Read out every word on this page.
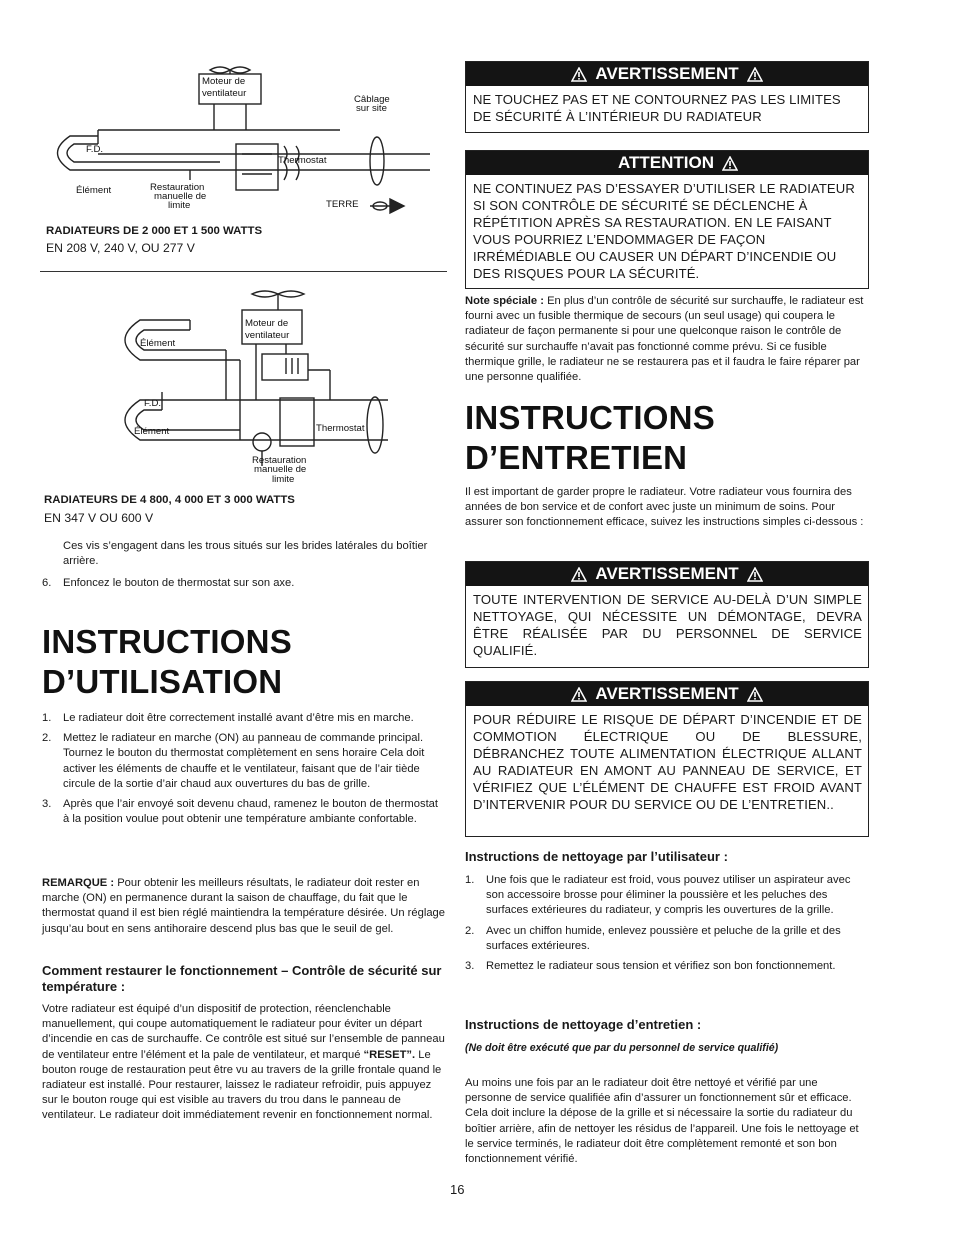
Moteur de
ventilateur
Câblage
sur site
F.D.
Thermostat
Élément	Restauration
manuelle de
limite	TERRE
RADIATEURS DE 2 000 ET 1 500 WATTS
EN 208 V, 240 V, OU 277 V
Élément
Moteur de
ventilateur
F.D.
Élément	Thermostat
Restauration
manuelle de
limite
RADIATEURS DE 4 800, 4 000 ET 3 000 WATTS
EN 347 V OU 600 V
Ces vis s’engagent dans les trous situés sur les brides latérales du boîtier arrière.
6. Enfoncez le bouton de thermostat sur son axe.
INSTRUCTIONS
D’UTILISATION
1. Le radiateur doit être correctement installé avant d’être mis en marche.
2. Mettez le radiateur en marche (ON) au panneau de commande principal. Tournez le bouton du thermostat complètement en sens horaire Cela doit activer les éléments de chauffe et le ventilateur, faisant que de l’air tiède circule de la sortie d’air chaud aux ouvertures du bas de grille.
3. Après que l’air envoyé soit devenu chaud, ramenez le bouton de thermostat à la position voulue pout obtenir une température ambiante confortable.
REMARQUE : Pour obtenir les meilleurs résultats, le radiateur doit rester en marche (ON) en permanence durant la saison de chauffage, du fait que le thermostat quand il est bien réglé maintiendra la température désirée. Un réglage jusqu’au bout en sens antihoraire descend plus bas que le seuil de gel.
Comment restaurer le fonctionnement – Contrôle de sécurité sur température :
Votre radiateur est équipé d’un dispositif de protection, réenclenchable manuellement, qui coupe automatiquement le radiateur pour éviter un départ d’incendie en cas de surchauffe. Ce contrôle est situé sur l’ensemble de panneau de ventilateur entre l’élément et la pale de ventilateur, et marqué “RESET”. Le bouton rouge de restauration peut être vu au travers de la grille frontale quand le radiateur est installé. Pour restaurer, laissez le radiateur refroidir, puis appuyez sur le bouton rouge qui est visible au travers du trou dans le panneau de ventilateur. Le radiateur doit immédiatement revenir en fonctionnement normal.
AVERTISSEMENT
NE TOUCHEZ PAS ET NE CONTOURNEZ PAS LES LIMITES DE SÉCURITÉ À L’INTÉRIEUR DU RADIATEUR
ATTENTION
NE CONTINUEZ PAS D’ESSAYER D’UTILISER LE RADIATEUR SI SON CONTRÔLE DE SÉCURITÉ SE DÉCLENCHE À RÉPÉTITION APRÈS SA RESTAURATION. EN LE FAISANT VOUS POURRIEZ L’ENDOMMAGER DE FAÇON IRRÉMÉDIABLE OU CAUSER UN DÉPART D’INCENDIE OU DES RISQUES POUR LA SÉCURITÉ.
Note spéciale : En plus d’un contrôle de sécurité sur surchauffe, le radiateur est fourni avec un fusible thermique de secours (un seul usage) qui coupera le radiateur de façon permanente si pour une quelconque raison le contrôle de sécurité sur surchauffe n’avait pas fonctionné comme prévu. Si ce fusible thermique grille, le radiateur ne se restaurera pas et il faudra le faire réparer par une personne qualifiée.
INSTRUCTIONS
D’ENTRETIEN
Il est important de garder propre le radiateur. Votre radiateur vous fournira des années de bon service et de confort avec juste un minimum de soins. Pour assurer son fonctionnement efficace, suivez les instructions simples ci-dessous :
AVERTISSEMENT
TOUTE INTERVENTION DE SERVICE AU-DELÀ D’UN SIMPLE NETTOYAGE, QUI NÉCESSITE UN DÉMONTAGE, DEVRA ÊTRE RÉALISÉE PAR DU PERSONNEL DE SERVICE QUALIFIÉ.
AVERTISSEMENT
POUR RÉDUIRE LE RISQUE DE DÉPART D’INCENDIE ET DE COMMOTION ÉLECTRIQUE OU DE BLESSURE, DÉBRANCHEZ TOUTE ALIMENTATION ÉLECTRIQUE ALLANT AU RADIATEUR EN AMONT AU PANNEAU DE SERVICE, ET VÉRIFIEZ QUE L’ÉLÉMENT DE CHAUFFE EST FROID AVANT D’INTERVENIR POUR DU SERVICE OU DE L’ENTRETIEN..
Instructions de nettoyage par l’utilisateur :
1. Une fois que le radiateur est froid, vous pouvez utiliser un aspirateur avec son accessoire brosse pour éliminer la poussière et les peluches des surfaces extérieures du radiateur, y compris les ouvertures de la grille.
2. Avec un chiffon humide, enlevez poussière et peluche de la grille et des surfaces extérieures.
3. Remettez le radiateur sous tension et vérifiez son bon fonctionnement.
Instructions de nettoyage d’entretien :
(Ne doit être exécuté que par du personnel de service qualifié)
Au moins une fois par an le radiateur doit être nettoyé et vérifié par une personne de service qualifiée afin d’assurer un fonctionnement sûr et efficace. Cela doit inclure la dépose de la grille et si nécessaire la sortie du radiateur du boîtier arrière, afin de nettoyer les résidus de l’appareil. Une fois le nettoyage et le service terminés, le radiateur doit être complètement remonté et son bon fonctionnement vérifié.
16
